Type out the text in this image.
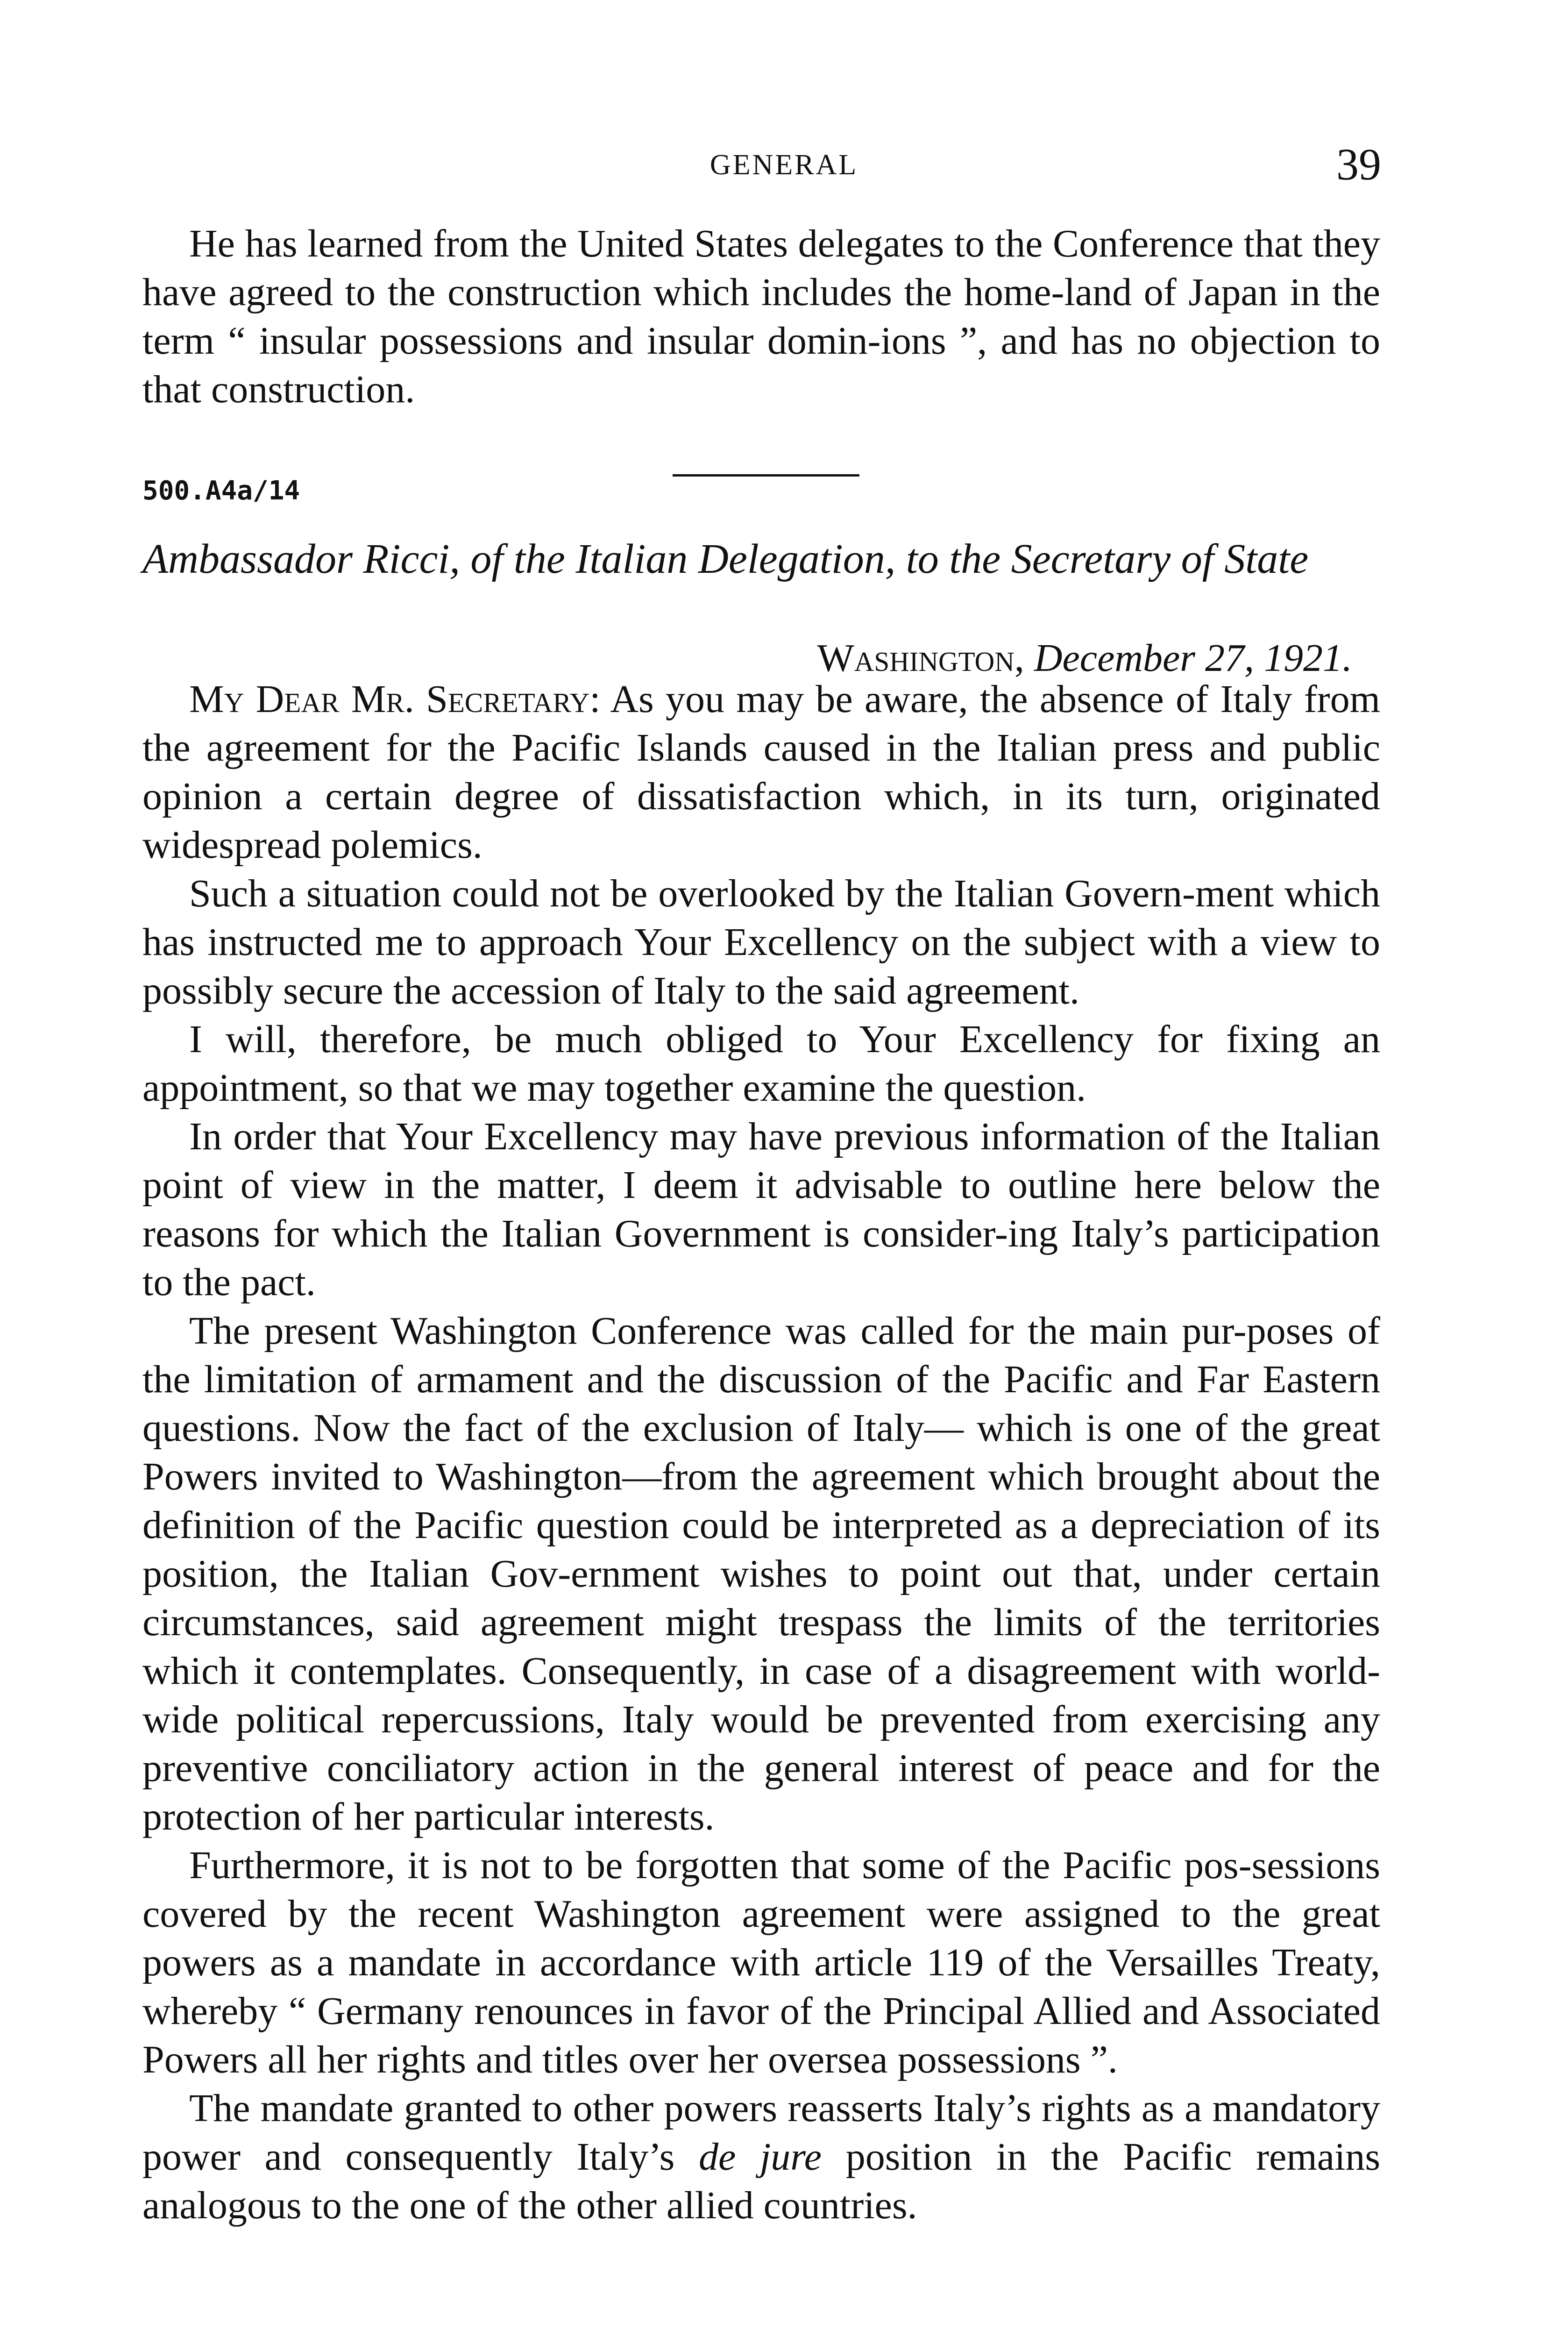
GENERAL	39

He has learned from the United States delegates to the Conference that they have agreed to the construction which includes the home-land of Japan in the term “ insular possessions and insular domin-ions ”, and has no objection to that construction.

500.A4a/14
Ambassador Ricci, of the Italian Delegation, to the Secretary of State
Washington, December 27, 1921.

My Dear Mr. Secretary: As you may be aware, the absence of Italy from the agreement for the Pacific Islands caused in the Italian press and public opinion a certain degree of dissatisfaction which, in its turn, originated widespread polemics.

Such a situation could not be overlooked by the Italian Govern-ment which has instructed me to approach Your Excellency on the subject with a view to possibly secure the accession of Italy to the said agreement.

I will, therefore, be much obliged to Your Excellency for fixing an appointment, so that we may together examine the question.

In order that Your Excellency may have previous information of the Italian point of view in the matter, I deem it advisable to outline here below the reasons for which the Italian Government is consider-ing Italy’s participation to the pact.

The present Washington Conference was called for the main pur-poses of the limitation of armament and the discussion of the Pacific and Far Eastern questions. Now the fact of the exclusion of Italy— which is one of the great Powers invited to Washington—from the agreement which brought about the definition of the Pacific question could be interpreted as a depreciation of its position, the Italian Gov-ernment wishes to point out that, under certain circumstances, said agreement might trespass the limits of the territories which it contemplates. Consequently, in case of a disagreement with world-wide political repercussions, Italy would be prevented from exercising any preventive conciliatory action in the general interest of peace and for the protection of her particular interests.

Furthermore, it is not to be forgotten that some of the Pacific pos-sessions covered by the recent Washington agreement were assigned to the great powers as a mandate in accordance with article 119 of the Versailles Treaty, whereby “ Germany renounces in favor of the Principal Allied and Associated Powers all her rights and titles over her oversea possessions ”.

The mandate granted to other powers reasserts Italy’s rights as a mandatory power and consequently Italy’s de jure position in the Pacific remains analogous to the one of the other allied countries.
